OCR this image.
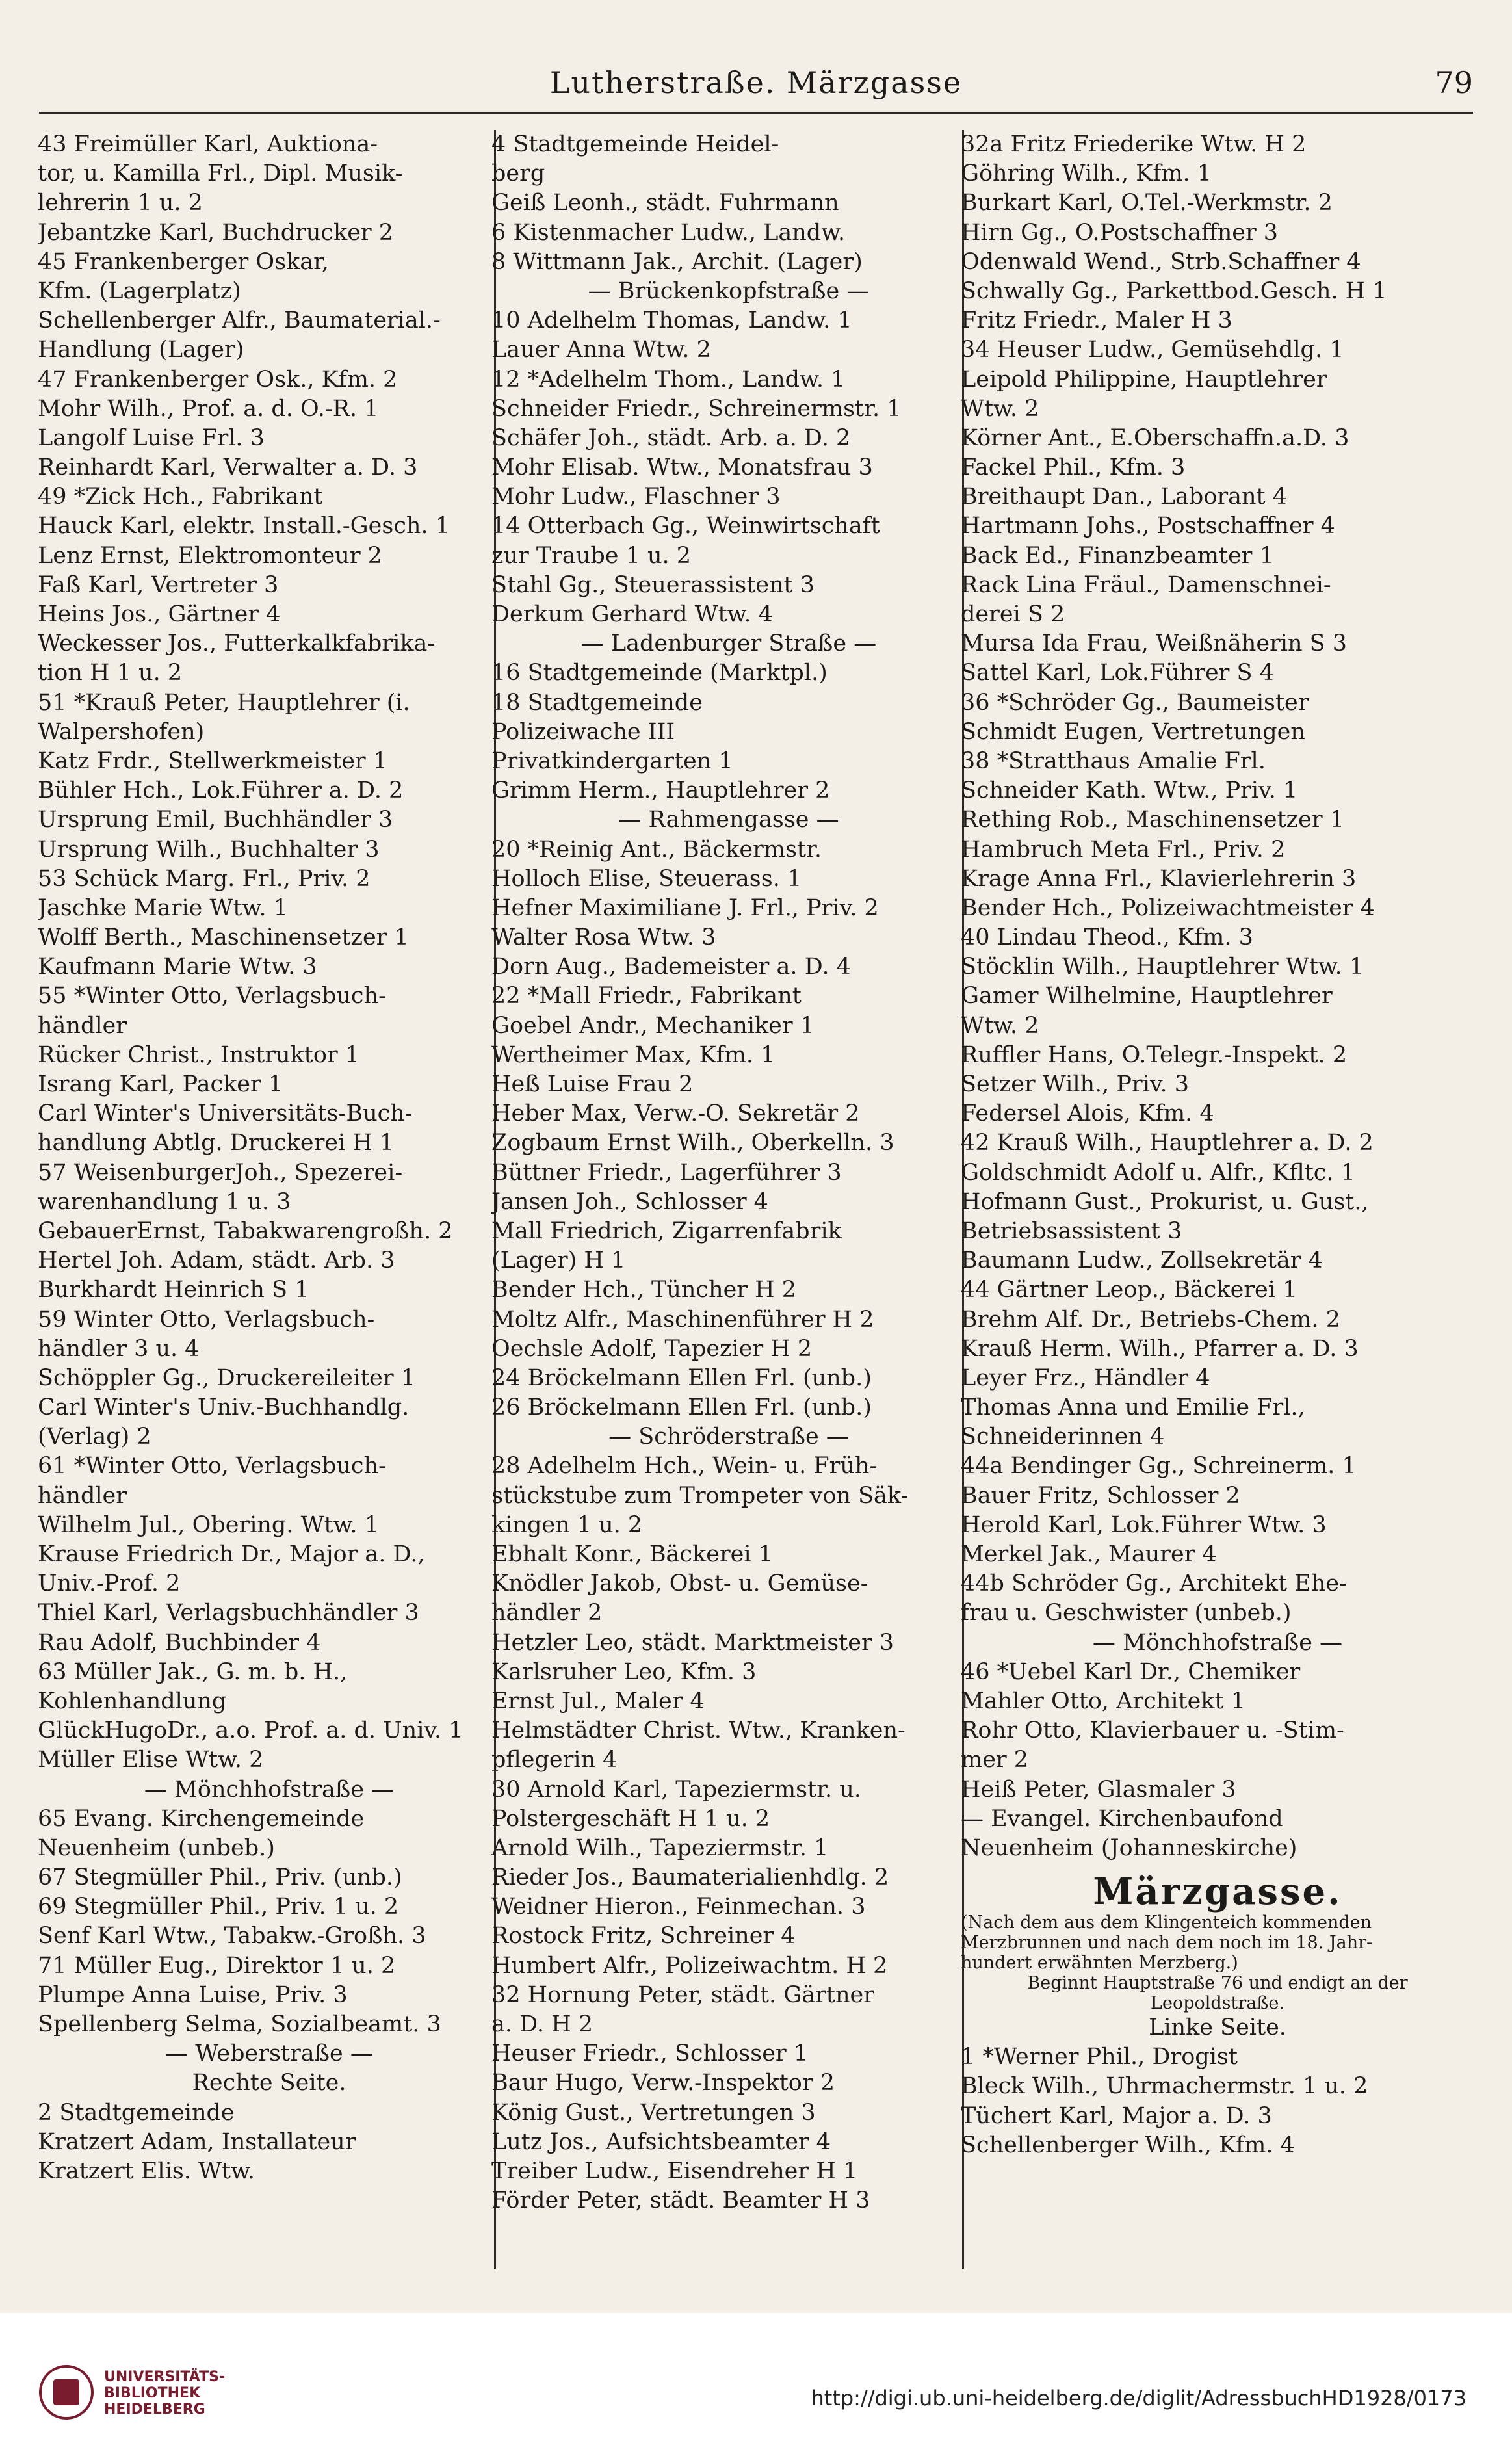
Lutherstraße. Märzgasse	79
43 Freimüller Karl, Auktiona-
tor, u. Kamilla Frl., Dipl. Musik-
lehrerin 1 u. 2
Jebantzke Karl, Buchdrucker 2
45 Frankenberger Oskar,
Kfm. (Lagerplatz)
Schellenberger Alfr., Baumaterial.-
Handlung (Lager)
47 Frankenberger Osk., Kfm. 2
Mohr Wilh., Prof. a. d. O.-R. 1
Langolf Luise Frl. 3
Reinhardt Karl, Verwalter a. D. 3
49 *Zick Hch., Fabrikant
Hauck Karl, elektr. Install.-Gesch. 1
Lenz Ernst, Elektromonteur 2
Faß Karl, Vertreter 3
Heins Jos., Gärtner 4
Weckesser Jos., Futterkalkfabrika-
tion H 1 u. 2
51 *Krauß Peter, Hauptlehrer (i.
Walpershofen)
Katz Frdr., Stellwerkmeister 1
Bühler Hch., Lok.Führer a. D. 2
Ursprung Emil, Buchhändler 3
Ursprung Wilh., Buchhalter 3
53 Schück Marg. Frl., Priv. 2
Jaschke Marie Wtw. 1
Wolff Berth., Maschinensetzer 1
Kaufmann Marie Wtw. 3
55 *Winter Otto, Verlagsbuch-
händler
Rücker Christ., Instruktor 1
Israng Karl, Packer 1
Carl Winter's Universitäts-Buch-
handlung Abtlg. Druckerei H 1
57 WeisenburgerJoh., Spezerei-
warenhandlung 1 u. 3
GebauerErnst, Tabakwarengroßh. 2
Hertel Joh. Adam, städt. Arb. 3
Burkhardt Heinrich S 1
59 Winter Otto, Verlagsbuch-
händler 3 u. 4
Schöppler Gg., Druckereileiter 1
Carl Winter's Univ.-Buchhandlg.
(Verlag) 2
61 *Winter Otto, Verlagsbuch-
händler
Wilhelm Jul., Obering. Wtw. 1
Krause Friedrich Dr., Major a. D.,
Univ.-Prof. 2
Thiel Karl, Verlagsbuchhändler 3
Rau Adolf, Buchbinder 4
63 Müller Jak., G. m. b. H.,
Kohlenhandlung
GlückHugoDr., a.o. Prof. a. d. Univ. 1
Müller Elise Wtw. 2
— Mönchhofstraße —
65 Evang. Kirchengemeinde
Neuenheim (unbeb.)
67 Stegmüller Phil., Priv. (unb.)
69 Stegmüller Phil., Priv. 1 u. 2
Senf Karl Wtw., Tabakw.-Großh. 3
71 Müller Eug., Direktor 1 u. 2
Plumpe Anna Luise, Priv. 3
Spellenberg Selma, Sozialbeamt. 3
— Weberstraße —
Rechte Seite.
2 Stadtgemeinde
Kratzert Adam, Installateur
Kratzert Elis. Wtw.
4 Stadtgemeinde Heidel-
berg
Geiß Leonh., städt. Fuhrmann
6 Kistenmacher Ludw., Landw.
8 Wittmann Jak., Archit. (Lager)
— Brückenkopfstraße —
10 Adelhelm Thomas, Landw. 1
Lauer Anna Wtw. 2
12 *Adelhelm Thom., Landw. 1
Schneider Friedr., Schreinermstr. 1
Schäfer Joh., städt. Arb. a. D. 2
Mohr Elisab. Wtw., Monatsfrau 3
Mohr Ludw., Flaschner 3
14 Otterbach Gg., Weinwirtschaft
zur Traube 1 u. 2
Stahl Gg., Steuerassistent 3
Derkum Gerhard Wtw. 4
— Ladenburger Straße —
16 Stadtgemeinde (Marktpl.)
18 Stadtgemeinde
Polizeiwache III
Privatkindergarten 1
Grimm Herm., Hauptlehrer 2
— Rahmengasse —
20 *Reinig Ant., Bäckermstr.
Holloch Elise, Steuerass. 1
Hefner Maximiliane J. Frl., Priv. 2
Walter Rosa Wtw. 3
Dorn Aug., Bademeister a. D. 4
22 *Mall Friedr., Fabrikant
Goebel Andr., Mechaniker 1
Wertheimer Max, Kfm. 1
Heß Luise Frau 2
Heber Max, Verw.-O. Sekretär 2
Zogbaum Ernst Wilh., Oberkelln. 3
Büttner Friedr., Lagerführer 3
Jansen Joh., Schlosser 4
Mall Friedrich, Zigarrenfabrik
(Lager) H 1
Bender Hch., Tüncher H 2
Moltz Alfr., Maschinenführer H 2
Oechsle Adolf, Tapezier H 2
24 Bröckelmann Ellen Frl. (unb.)
26 Bröckelmann Ellen Frl. (unb.)
— Schröderstraße —
28 Adelhelm Hch., Wein- u. Früh-
stückstube zum Trompeter von Säk-
kingen 1 u. 2
Ebhalt Konr., Bäckerei 1
Knödler Jakob, Obst- u. Gemüse-
händler 2
Hetzler Leo, städt. Marktmeister 3
Karlsruher Leo, Kfm. 3
Ernst Jul., Maler 4
Helmstädter Christ. Wtw., Kranken-
pflegerin 4
30 Arnold Karl, Tapeziermstr. u.
Polstergeschäft H 1 u. 2
Arnold Wilh., Tapeziermstr. 1
Rieder Jos., Baumaterialienhdlg. 2
Weidner Hieron., Feinmechan. 3
Rostock Fritz, Schreiner 4
Humbert Alfr., Polizeiwachtm. H 2
32 Hornung Peter, städt. Gärtner
a. D. H 2
Heuser Friedr., Schlosser 1
Baur Hugo, Verw.-Inspektor 2
König Gust., Vertretungen 3
Lutz Jos., Aufsichtsbeamter 4
Treiber Ludw., Eisendreher H 1
Förder Peter, städt. Beamter H 3
32a Fritz Friederike Wtw. H 2
Göhring Wilh., Kfm. 1
Burkart Karl, O.Tel.-Werkmstr. 2
Hirn Gg., O.Postschaffner 3
Odenwald Wend., Strb.Schaffner 4
Schwally Gg., Parkettbod.Gesch. H 1
Fritz Friedr., Maler H 3
34 Heuser Ludw., Gemüsehdlg. 1
Leipold Philippine, Hauptlehrer
Wtw. 2
Körner Ant., E.Oberschaffn.a.D. 3
Fackel Phil., Kfm. 3
Breithaupt Dan., Laborant 4
Hartmann Johs., Postschaffner 4
Back Ed., Finanzbeamter 1
Rack Lina Fräul., Damenschnei-
derei S 2
Mursa Ida Frau, Weißnäherin S 3
Sattel Karl, Lok.Führer S 4
36 *Schröder Gg., Baumeister
Schmidt Eugen, Vertretungen
38 *Stratthaus Amalie Frl.
Schneider Kath. Wtw., Priv. 1
Rething Rob., Maschinensetzer 1
Hambruch Meta Frl., Priv. 2
Krage Anna Frl., Klavierlehrerin 3
Bender Hch., Polizeiwachtmeister 4
40 Lindau Theod., Kfm. 3
Stöcklin Wilh., Hauptlehrer Wtw. 1
Gamer Wilhelmine, Hauptlehrer
Wtw. 2
Ruffler Hans, O.Telegr.-Inspekt. 2
Setzer Wilh., Priv. 3
Federsel Alois, Kfm. 4
42 Krauß Wilh., Hauptlehrer a. D. 2
Goldschmidt Adolf u. Alfr., Kfltc. 1
Hofmann Gust., Prokurist, u. Gust.,
Betriebsassistent 3
Baumann Ludw., Zollsekretär 4
44 Gärtner Leop., Bäckerei 1
Brehm Alf. Dr., Betriebs-Chem. 2
Krauß Herm. Wilh., Pfarrer a. D. 3
Leyer Frz., Händler 4
Thomas Anna und Emilie Frl.,
Schneiderinnen 4
44a Bendinger Gg., Schreinerm. 1
Bauer Fritz, Schlosser 2
Herold Karl, Lok.Führer Wtw. 3
Merkel Jak., Maurer 4
44b Schröder Gg., Architekt Ehe-
frau u. Geschwister (unbeb.)
— Mönchhofstraße —
46 *Uebel Karl Dr., Chemiker
Mahler Otto, Architekt 1
Rohr Otto, Klavierbauer u. -Stim-
mer 2
Heiß Peter, Glasmaler 3
— Evangel. Kirchenbaufond
Neuenheim (Johanneskirche)
Märzgasse.
(Nach dem aus dem Klingenteich kommenden
Merzbrunnen und nach dem noch im 18. Jahr-
hundert erwähnten Merzberg.)
Beginnt Hauptstraße 76 und endigt an der
Leopoldstraße.
Linke Seite.
1 *Werner Phil., Drogist
Bleck Wilh., Uhrmachermstr. 1 u. 2
Tüchert Karl, Major a. D. 3
Schellenberger Wilh., Kfm. 4
UNIVERSITÄTS-
BIBLIOTHEK
HEIDELBERG	http://digi.ub.uni-heidelberg.de/diglit/AdressbuchHD1928/0173
